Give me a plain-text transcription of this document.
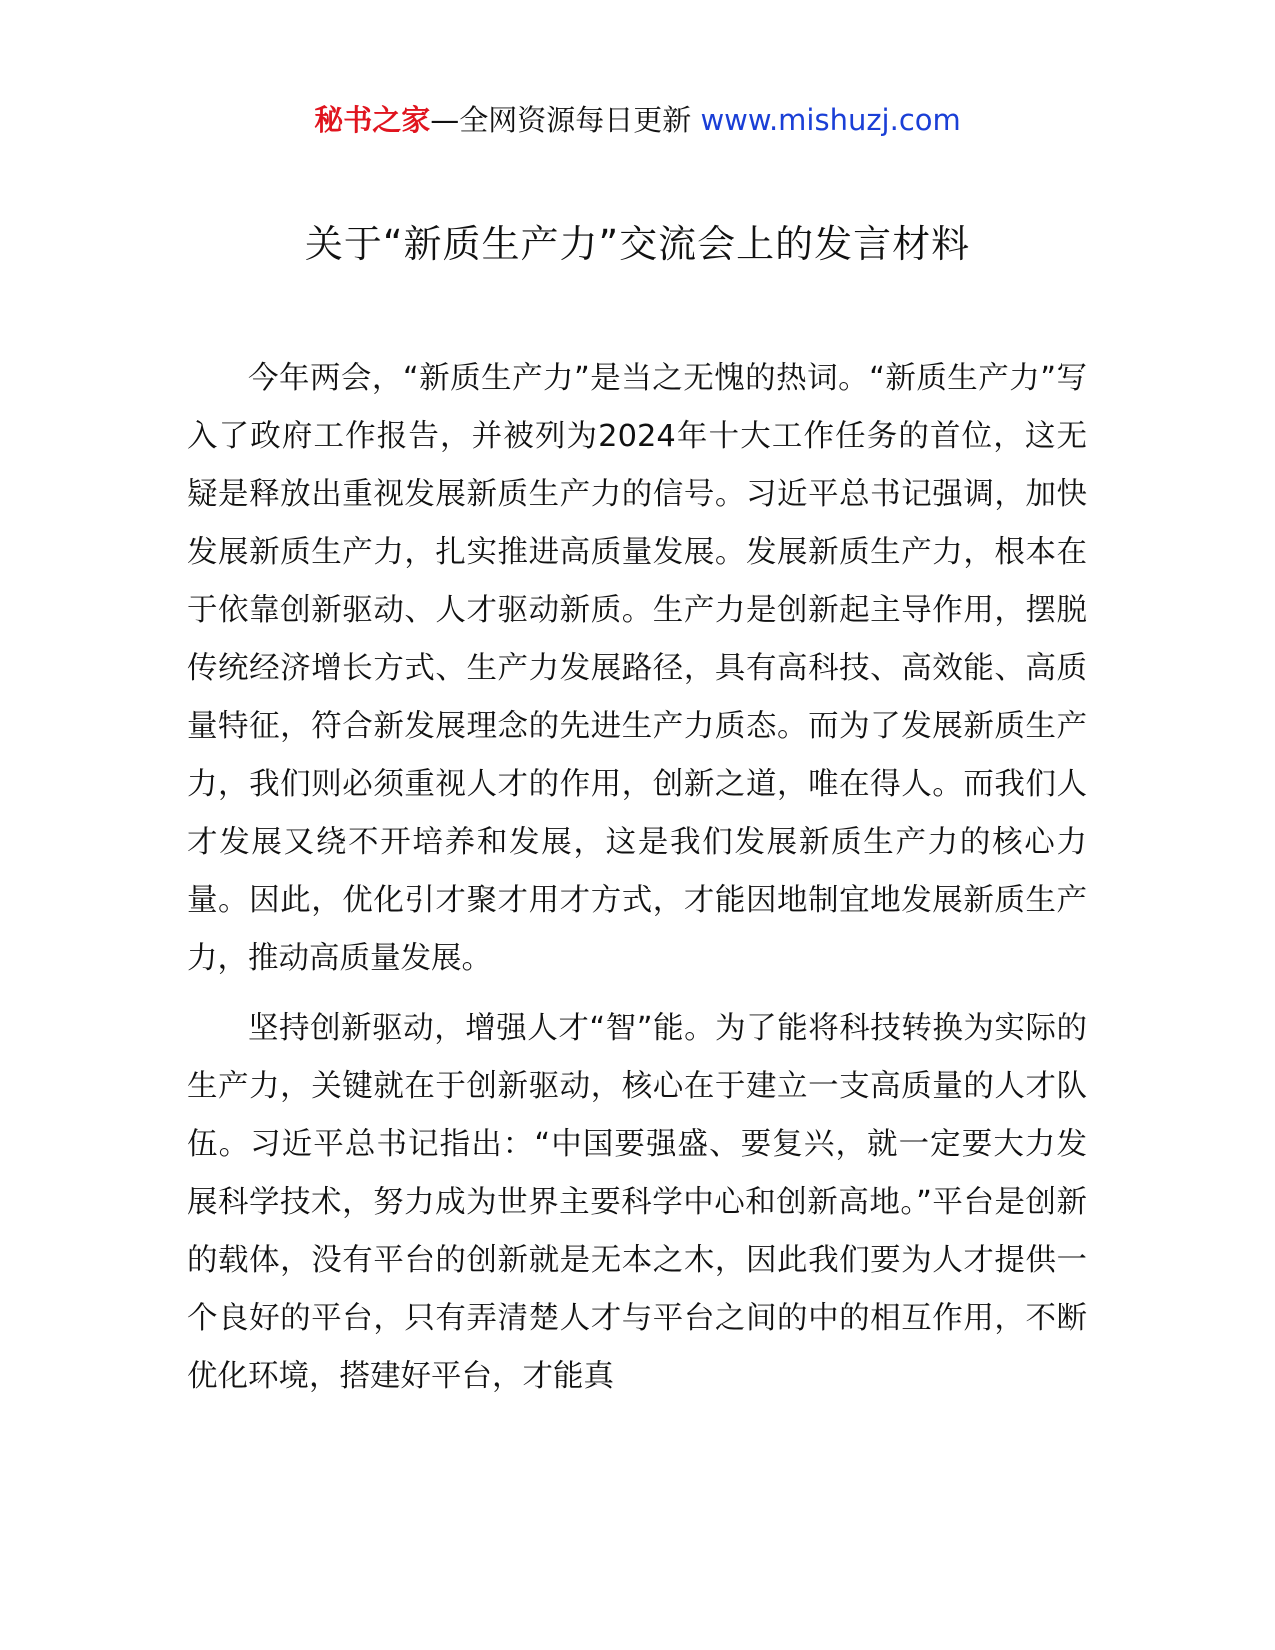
秘书之家—全网资源每日更新 www.mishuzj.com
关于“新质生产力”交流会上的发言材料

今年两会，“新质生产力”是当之无愧的热词。“新质生产力”写入了政府工作报告，并被列为2024年十大工作任务的首位，这无疑是释放出重视发展新质生产力的信号。习近平总书记强调，加快发展新质生产力，扎实推进高质量发展。发展新质生产力，根本在于依靠创新驱动、人才驱动新质。生产力是创新起主导作用，摆脱传统经济增长方式、生产力发展路径，具有高科技、高效能、高质量特征，符合新发展理念的先进生产力质态。而为了发展新质生产力，我们则必须重视人才的作用，创新之道，唯在得人。而我们人才发展又绕不开培养和发展，这是我们发展新质生产力的核心力量。因此，优化引才聚才用才方式，才能因地制宜地发展新质生产力，推动高质量发展。

坚持创新驱动，增强人才“智”能。为了能将科技转换为实际的生产力，关键就在于创新驱动，核心在于建立一支高质量的人才队伍。习近平总书记指出：“中国要强盛、要复兴，就一定要大力发展科学技术，努力成为世界主要科学中心和创新高地。”平台是创新的载体，没有平台的创新就是无本之木，因此我们要为人才提供一个良好的平台，只有弄清楚人才与平台之间的中的相互作用，不断优化环境，搭建好平台，才能真
